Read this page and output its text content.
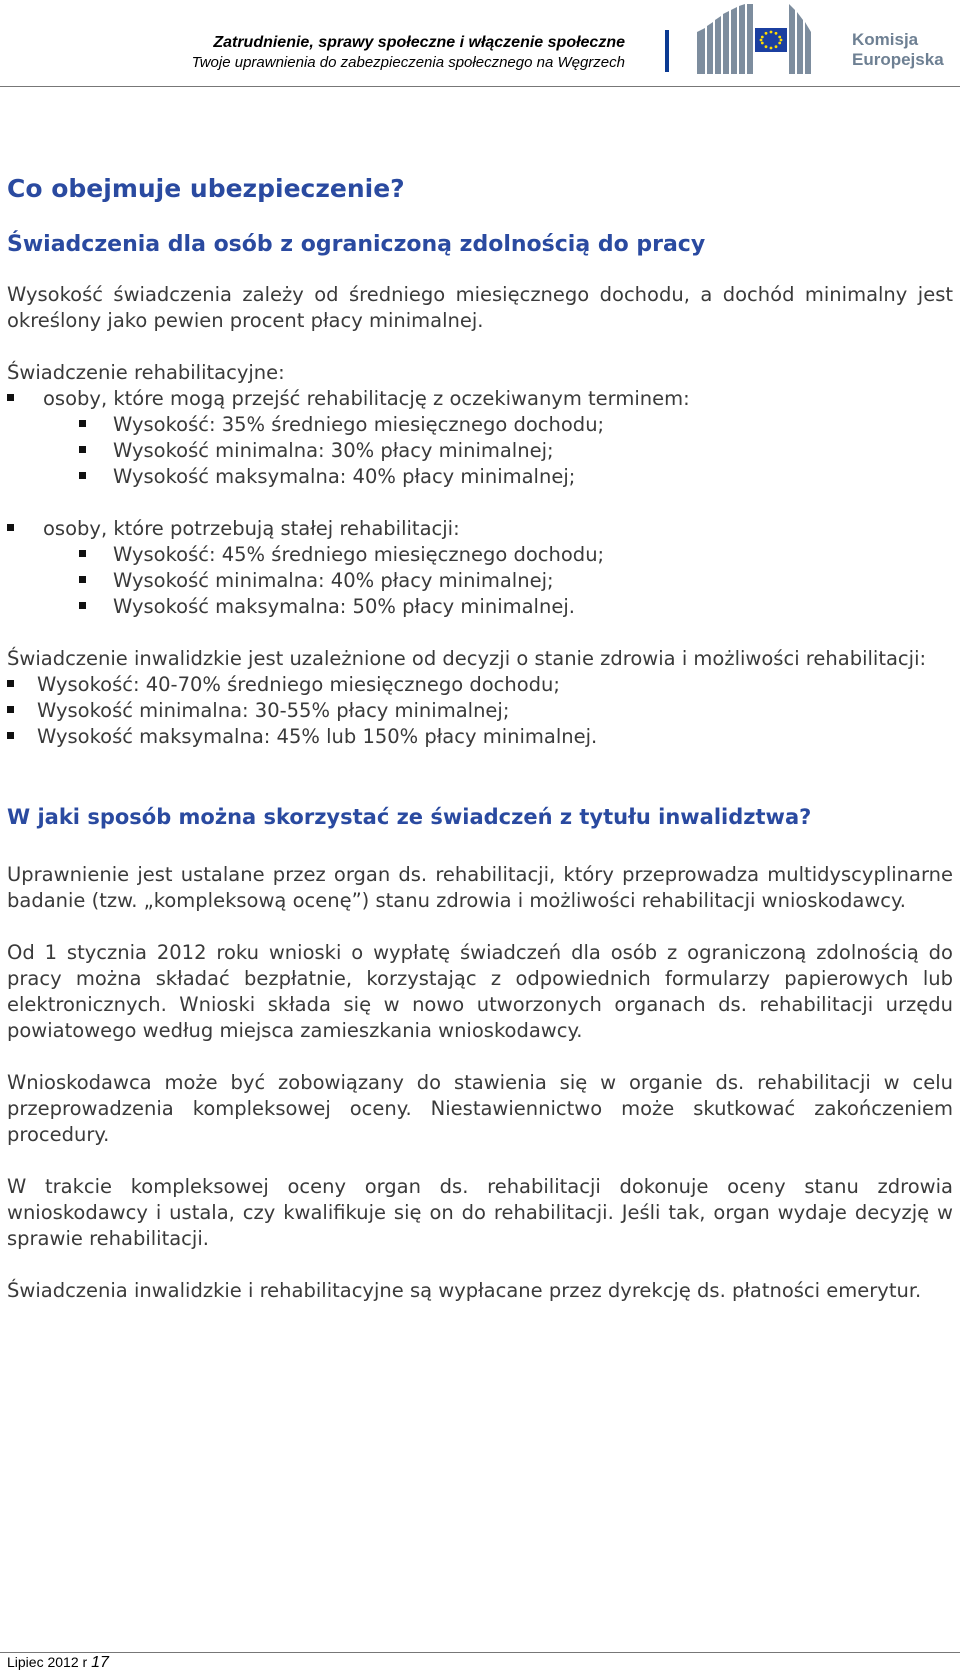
Zatrudnienie, sprawy społeczne i włączenie społeczne
Twoje uprawnienia do zabezpieczenia społecznego na Węgrzech
Komisja
Europejska
Co obejmuje ubezpieczenie?
Świadczenia dla osób z ograniczoną zdolnością do pracy

Wysokość świadczenia zależy od średniego miesięcznego dochodu, a dochód minimalny jest określony jako pewien procent płacy minimalnej.

Świadczenie rehabilitacyjne:

osoby, które mogą przejść rehabilitację z oczekiwanym terminem:
Wysokość: 35% średniego miesięcznego dochodu;
Wysokość minimalna: 30% płacy minimalnej;
Wysokość maksymalna: 40% płacy minimalnej;
osoby, które potrzebują stałej rehabilitacji:
Wysokość: 45% średniego miesięcznego dochodu;
Wysokość minimalna: 40% płacy minimalnej;
Wysokość maksymalna: 50% płacy minimalnej.

Świadczenie inwalidzkie jest uzależnione od decyzji o stanie zdrowia i możliwości rehabilitacji:

Wysokość: 40-70% średniego miesięcznego dochodu;
Wysokość minimalna: 30-55% płacy minimalnej;
Wysokość maksymalna: 45% lub 150% płacy minimalnej.
W jaki sposób można skorzystać ze świadczeń z tytułu inwalidztwa?

Uprawnienie jest ustalane przez organ ds. rehabilitacji, który przeprowadza multidyscyplinarne badanie (tzw. „kompleksową ocenę”) stanu zdrowia i możliwości rehabilitacji wnioskodawcy.

Od 1 stycznia 2012 roku wnioski o wypłatę świadczeń dla osób z ograniczoną zdolnością do pracy można składać bezpłatnie, korzystając z odpowiednich formularzy papierowych lub elektronicznych. Wnioski składa się w nowo utworzonych organach ds. rehabilitacji urzędu powiatowego według miejsca zamieszkania wnioskodawcy.

Wnioskodawca może być zobowiązany do stawienia się w organie ds. rehabilitacji w celu przeprowadzenia kompleksowej oceny. Niestawiennictwo może skutkować zakończeniem procedury.

W trakcie kompleksowej oceny organ ds. rehabilitacji dokonuje oceny stanu zdrowia wnioskodawcy i ustala, czy kwalifikuje się on do rehabilitacji. Jeśli tak, organ wydaje decyzję w sprawie rehabilitacji.

Świadczenia inwalidzkie i rehabilitacyjne są wypłacane przez dyrekcję ds. płatności emerytur.

Lipiec 2012 r 17
